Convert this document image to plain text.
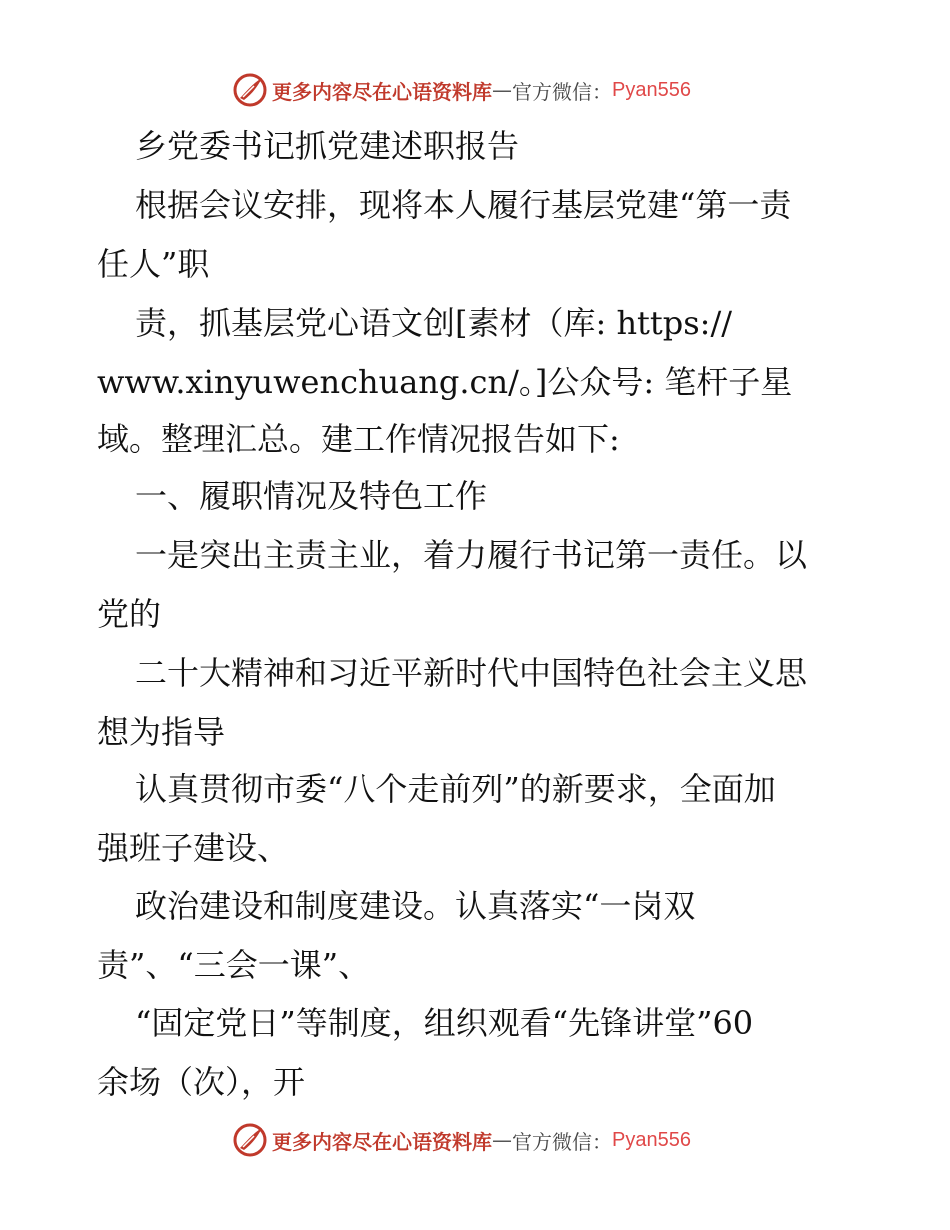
更多内容尽在心语资料库 — 官方微信： Pyan556
乡党委书记抓党建述职报告
根据会议安排，现将本人履行基层党建“第一责
任人”职
责，抓基层党心语文创[素材（库: https://
www.xinyuwenchuang.cn/。]公众号: 笔杆子星
域。整理汇总。建工作情况报告如下:
一、履职情况及特色工作
一是突出主责主业，着力履行书记第一责任。以
党的
二十大精神和习近平新时代中国特色社会主义思
想为指导
认真贯彻市委“八个走前列”的新要求，全面加
强班子建设、
政治建设和制度建设。认真落实“一岗双
责”、“三会一课”、
“固定党日”等制度，组织观看“先锋讲堂”60
余场（次），开
更多内容尽在心语资料库 — 官方微信： Pyan556
